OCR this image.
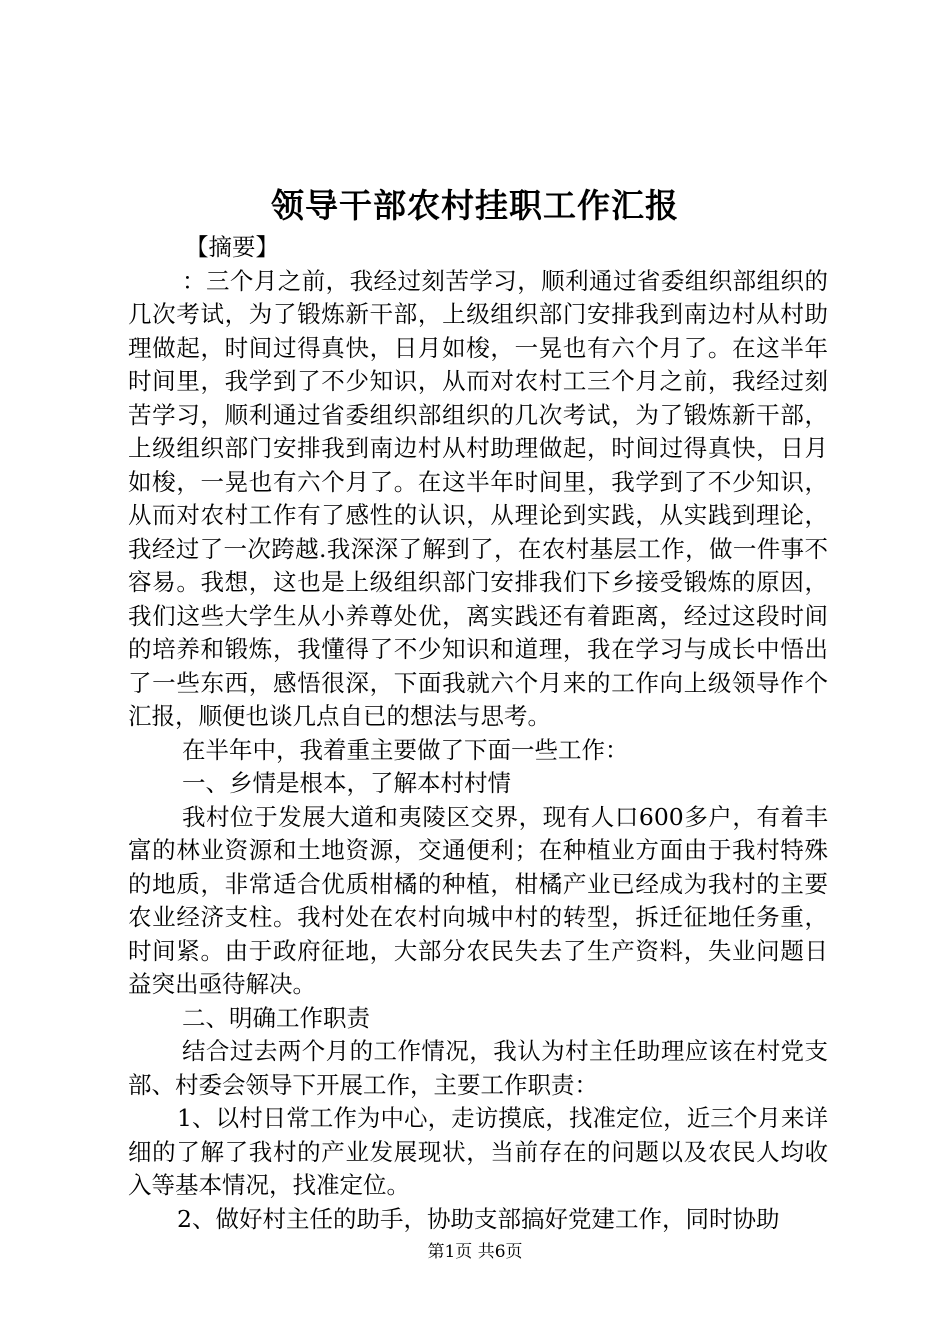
领导干部农村挂职工作汇报

【摘要】

：三个月之前，我经过刻苦学习，顺利通过省委组织部组织的几次考试，为了锻炼新干部，上级组织部门安排我到南边村从村助理做起，时间过得真快，日月如梭，一晃也有六个月了。在这半年时间里，我学到了不少知识，从而对农村工三个月之前，我经过刻苦学习，顺利通过省委组织部组织的几次考试，为了锻炼新干部，上级组织部门安排我到南边村从村助理做起，时间过得真快，日月如梭，一晃也有六个月了。在这半年时间里，我学到了不少知识，从而对农村工作有了感性的认识，从理论到实践，从实践到理论，我经过了一次跨越.我深深了解到了，在农村基层工作，做一件事不容易。我想，这也是上级组织部门安排我们下乡接受锻炼的原因，我们这些大学生从小养尊处优，离实践还有着距离，经过这段时间的培养和锻炼，我懂得了不少知识和道理，我在学习与成长中悟出了一些东西，感悟很深，下面我就六个月来的工作向上级领导作个汇报，顺便也谈几点自已的想法与思考。

在半年中，我着重主要做了下面一些工作：

一、乡情是根本，了解本村村情

我村位于发展大道和夷陵区交界，现有人口600多户，有着丰富的林业资源和土地资源，交通便利；在种植业方面由于我村特殊的地质，非常适合优质柑橘的种植，柑橘产业已经成为我村的主要农业经济支柱。我村处在农村向城中村的转型，拆迁征地任务重，时间紧。由于政府征地，大部分农民失去了生产资料，失业问题日益突出亟待解决。

二、明确工作职责

结合过去两个月的工作情况，我认为村主任助理应该在村党支部、村委会领导下开展工作，主要工作职责：

1、以村日常工作为中心，走访摸底，找准定位，近三个月来详细的了解了我村的产业发展现状，当前存在的问题以及农民人均收入等基本情况，找准定位。

2、做好村主任的助手，协助支部搞好党建工作，同时协助

第1页 共6页
